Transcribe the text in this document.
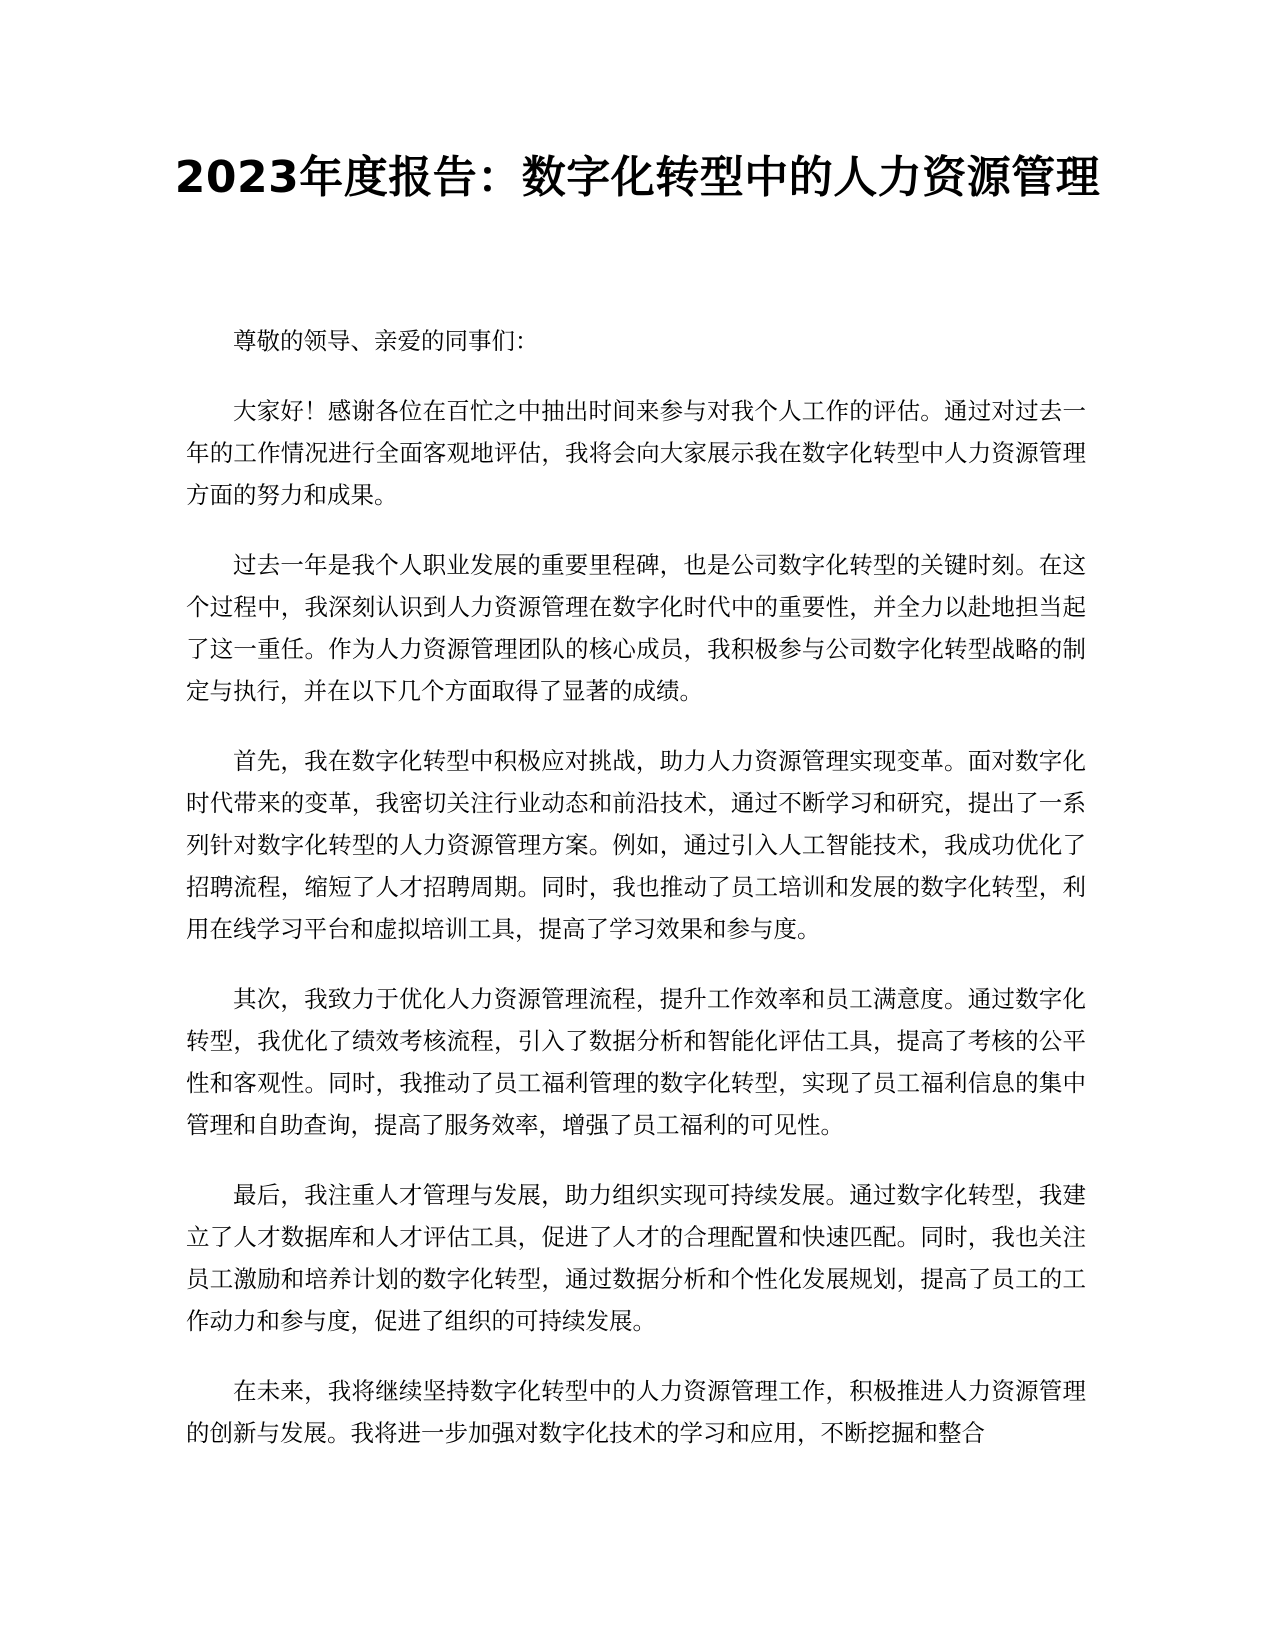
2023年度报告：数字化转型中的人力资源管理

尊敬的领导、亲爱的同事们：

大家好！感谢各位在百忙之中抽出时间来参与对我个人工作的评估。通过对过去一年的工作情况进行全面客观地评估，我将会向大家展示我在数字化转型中人力资源管理方面的努力和成果。

过去一年是我个人职业发展的重要里程碑，也是公司数字化转型的关键时刻。在这个过程中，我深刻认识到人力资源管理在数字化时代中的重要性，并全力以赴地担当起了这一重任。作为人力资源管理团队的核心成员，我积极参与公司数字化转型战略的制定与执行，并在以下几个方面取得了显著的成绩。

首先，我在数字化转型中积极应对挑战，助力人力资源管理实现变革。面对数字化时代带来的变革，我密切关注行业动态和前沿技术，通过不断学习和研究，提出了一系列针对数字化转型的人力资源管理方案。例如，通过引入人工智能技术，我成功优化了招聘流程，缩短了人才招聘周期。同时，我也推动了员工培训和发展的数字化转型，利用在线学习平台和虚拟培训工具，提高了学习效果和参与度。

其次，我致力于优化人力资源管理流程，提升工作效率和员工满意度。通过数字化转型，我优化了绩效考核流程，引入了数据分析和智能化评估工具，提高了考核的公平性和客观性。同时，我推动了员工福利管理的数字化转型，实现了员工福利信息的集中管理和自助查询，提高了服务效率，增强了员工福利的可见性。

最后，我注重人才管理与发展，助力组织实现可持续发展。通过数字化转型，我建立了人才数据库和人才评估工具，促进了人才的合理配置和快速匹配。同时，我也关注员工激励和培养计划的数字化转型，通过数据分析和个性化发展规划，提高了员工的工作动力和参与度，促进了组织的可持续发展。

在未来，我将继续坚持数字化转型中的人力资源管理工作，积极推进人力资源管理的创新与发展。我将进一步加强对数字化技术的学习和应用，不断挖掘和整合
